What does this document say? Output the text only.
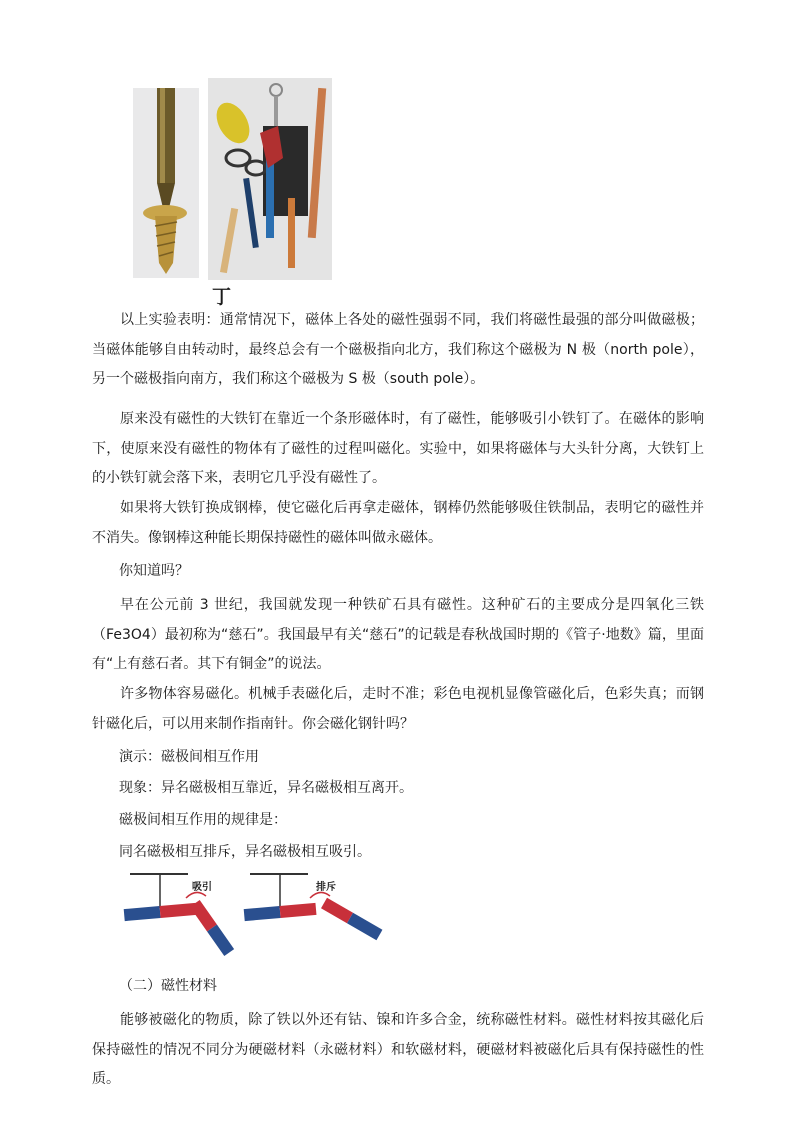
丁
以上实验表明：通常情况下，磁体上各处的磁性强弱不同，我们将磁性最强的部分叫做磁极；当磁体能够自由转动时，最终总会有一个磁极指向北方，我们称这个磁极为 N 极（north pole），另一个磁极指向南方，我们称这个磁极为 S 极（south pole）。
原来没有磁性的大铁钉在靠近一个条形磁体时，有了磁性，能够吸引小铁钉了。在磁体的影响下，使原来没有磁性的物体有了磁性的过程叫磁化。实验中，如果将磁体与大头针分离，大铁钉上的小铁钉就会落下来，表明它几乎没有磁性了。
如果将大铁钉换成钢棒，使它磁化后再拿走磁体，钢棒仍然能够吸住铁制品，表明它的磁性并不消失。像钢棒这种能长期保持磁性的磁体叫做永磁体。
你知道吗？
早在公元前 3 世纪，我国就发现一种铁矿石具有磁性。这种矿石的主要成分是四氧化三铁（Fe3O4）最初称为“慈石”。我国最早有关“慈石”的记载是春秋战国时期的《管子·地数》篇，里面有“上有慈石者。其下有铜金”的说法。
许多物体容易磁化。机械手表磁化后，走时不准；彩色电视机显像管磁化后，色彩失真；而钢针磁化后，可以用来制作指南针。你会磁化钢针吗？
演示：磁极间相互作用
现象：异名磁极相互靠近，异名磁极相互离开。
磁极间相互作用的规律是：
同名磁极相互排斥，异名磁极相互吸引。
吸引	排斥
（二）磁性材料
能够被磁化的物质，除了铁以外还有钴、镍和许多合金，统称磁性材料。磁性材料按其磁化后保持磁性的情况不同分为硬磁材料（永磁材料）和软磁材料，硬磁材料被磁化后具有保持磁性的性质。
